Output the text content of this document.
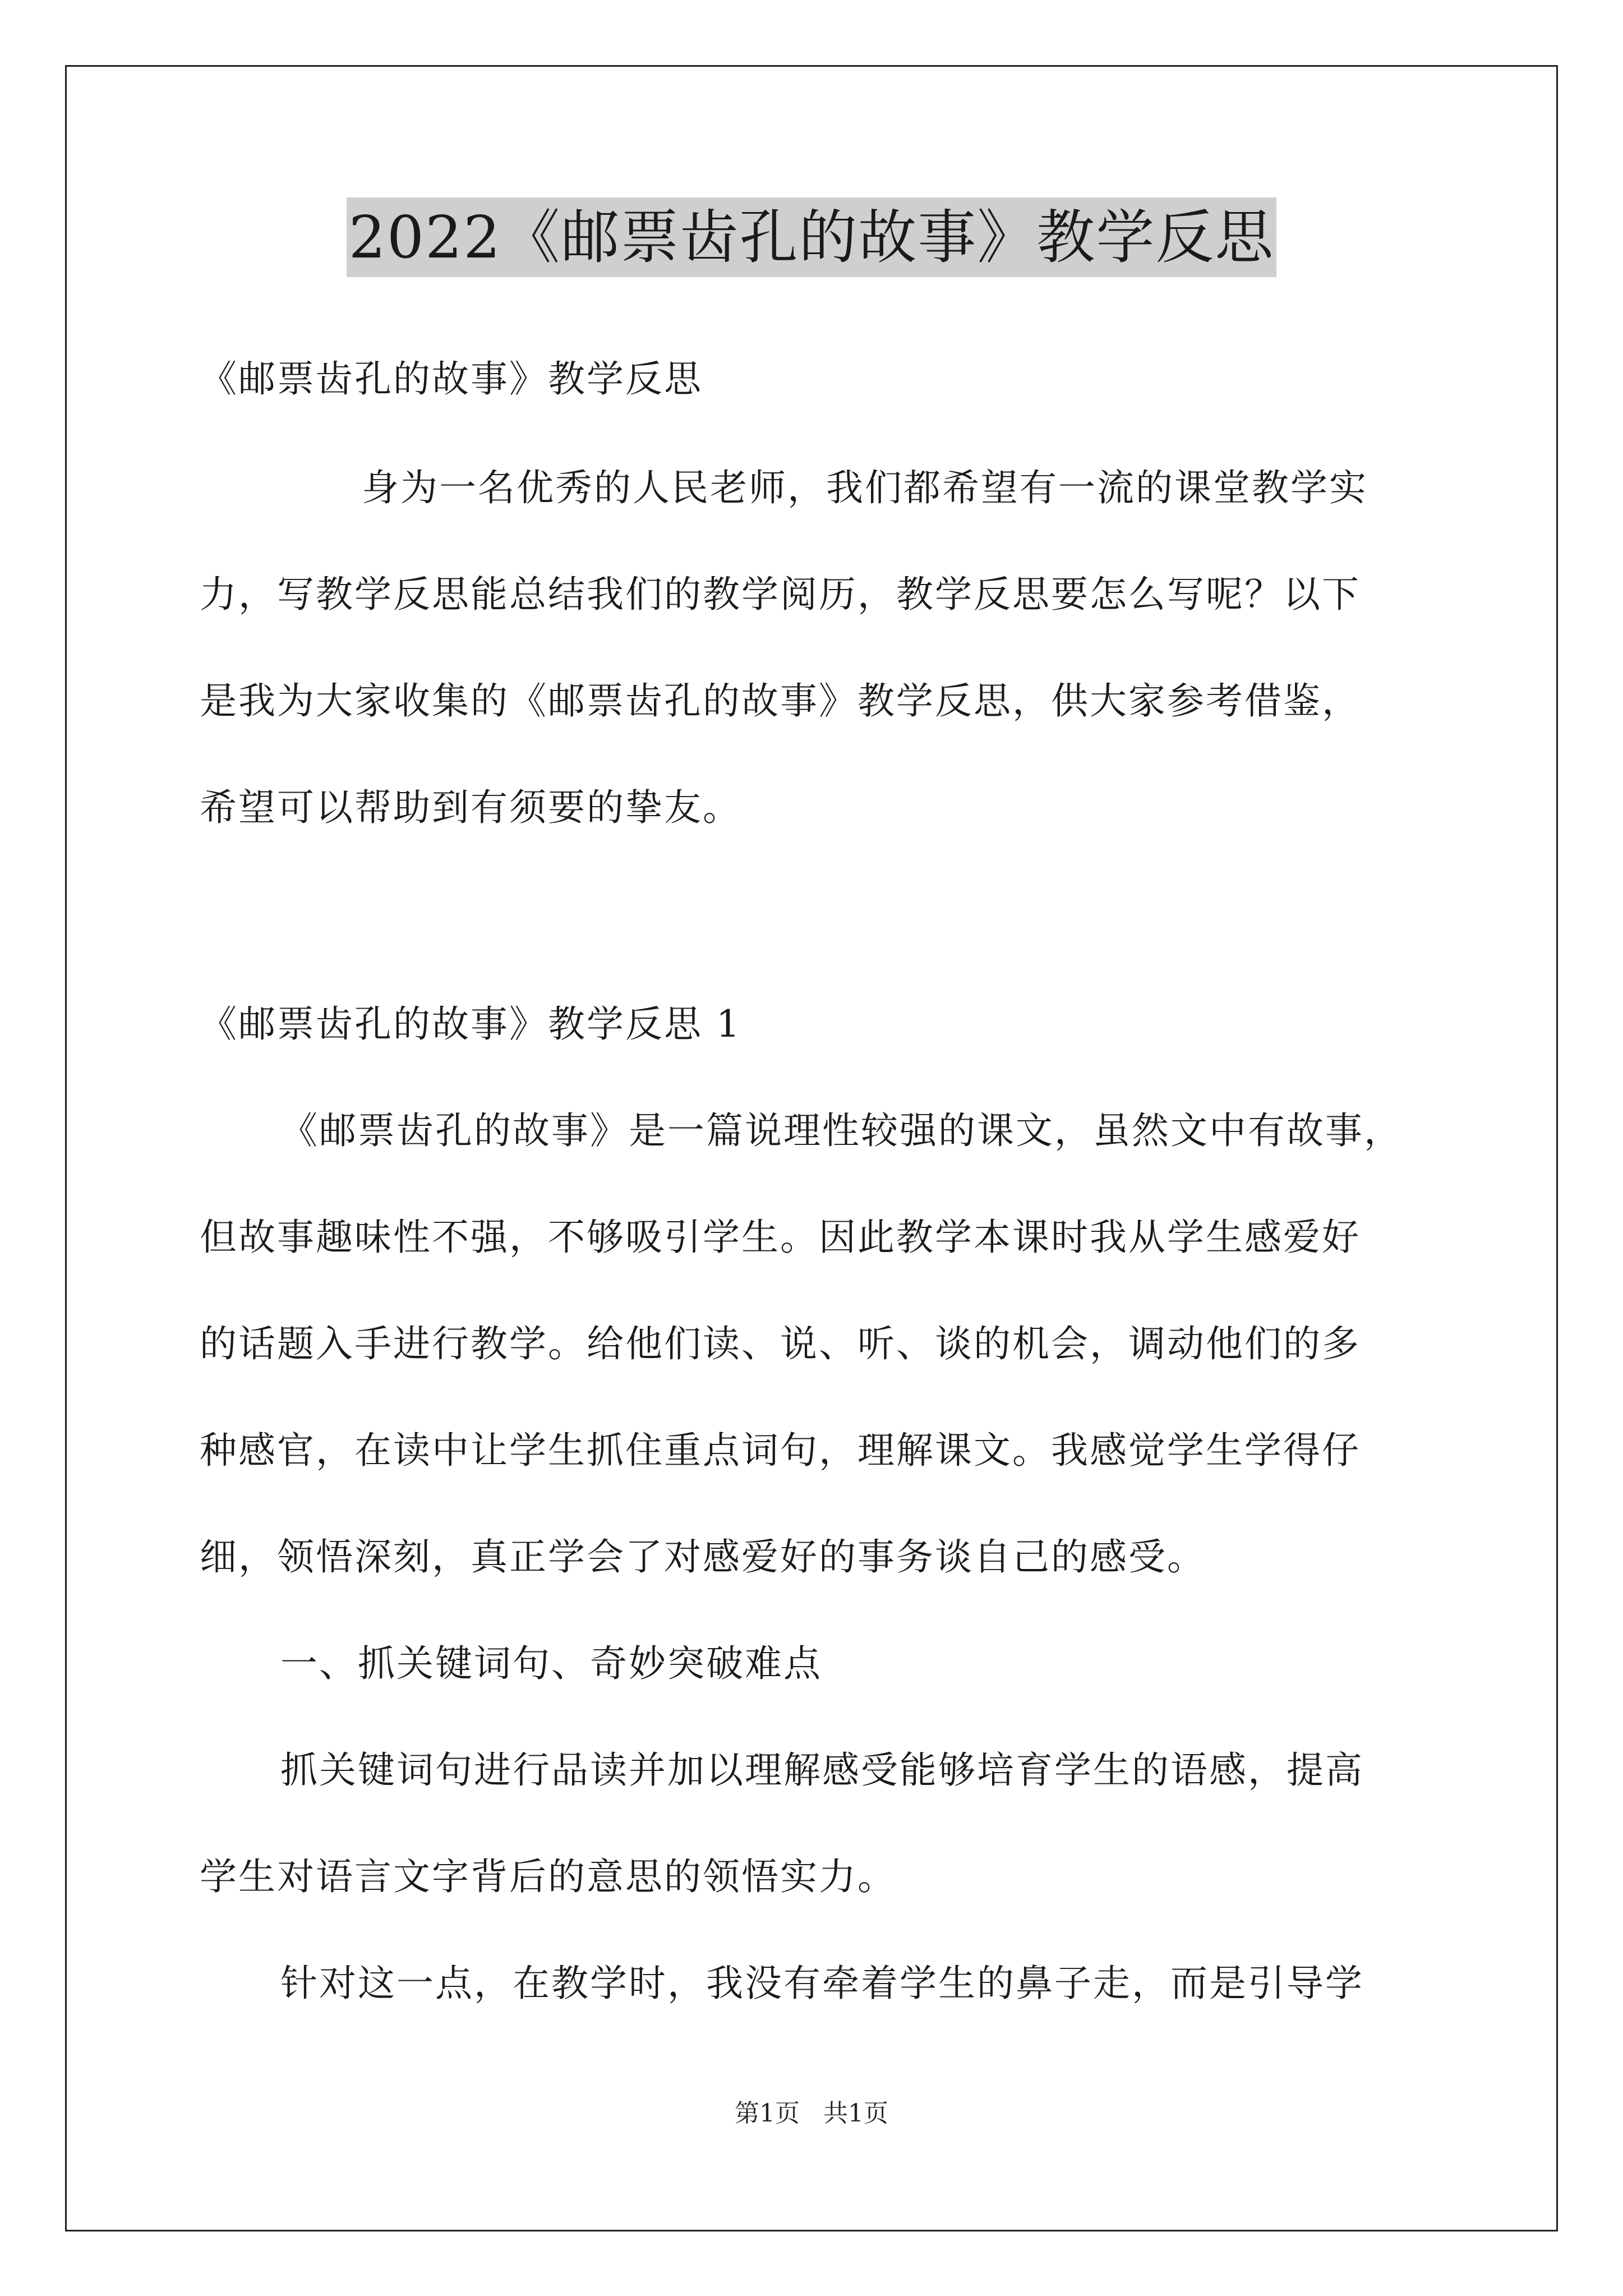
2022《邮票齿孔的故事》教学反思
《邮票齿孔的故事》教学反思
身为一名优秀的人民老师，我们都希望有一流的课堂教学实
力，写教学反思能总结我们的教学阅历，教学反思要怎么写呢？以下
是我为大家收集的《邮票齿孔的故事》教学反思，供大家参考借鉴，
希望可以帮助到有须要的挚友。
《邮票齿孔的故事》教学反思 1
《邮票齿孔的故事》是一篇说理性较强的课文，虽然文中有故事，
但故事趣味性不强，不够吸引学生。因此教学本课时我从学生感爱好
的话题入手进行教学。给他们读、说、听、谈的机会，调动他们的多
种感官，在读中让学生抓住重点词句，理解课文。我感觉学生学得仔
细，领悟深刻，真正学会了对感爱好的事务谈自己的感受。
一、抓关键词句、奇妙突破难点
抓关键词句进行品读并加以理解感受能够培育学生的语感，提高
学生对语言文字背后的意思的领悟实力。
针对这一点，在教学时，我没有牵着学生的鼻子走，而是引导学
第1页   共1页
